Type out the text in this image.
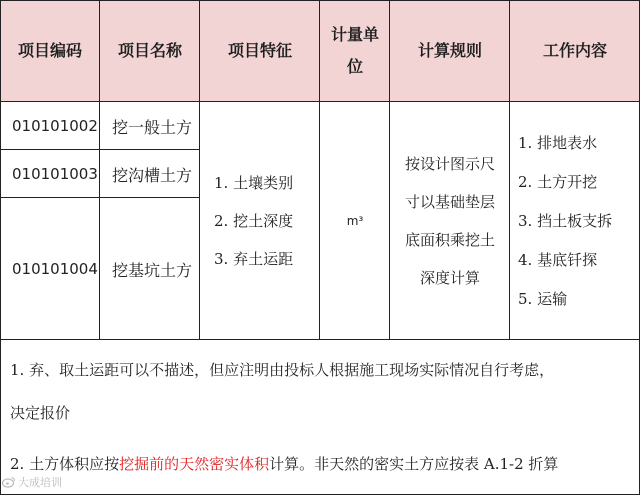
项目编码 项目名称	项目特征
计量单
位
计算规则	工作内容
010101002 挖一般土方
010101003 挖沟槽土方
010101004 挖基坑土方
1. 土壤类别
2. 挖土深度
3. 弃土运距
m³
按设计图示尺
寸以基础垫层
底面积乘挖土
深度计算
1. 排地表水
2. 土方开挖
3. 挡土板支拆
4. 基底钎探
5. 运输
1. 弃、取土运距可以不描述，但应注明由投标人根据施工现场实际情况自行考虑，
决定报价
2. 土方体积应按挖掘前的天然密实体积计算。非天然的密实土方应按表 A.1-2 折算
大成培训
